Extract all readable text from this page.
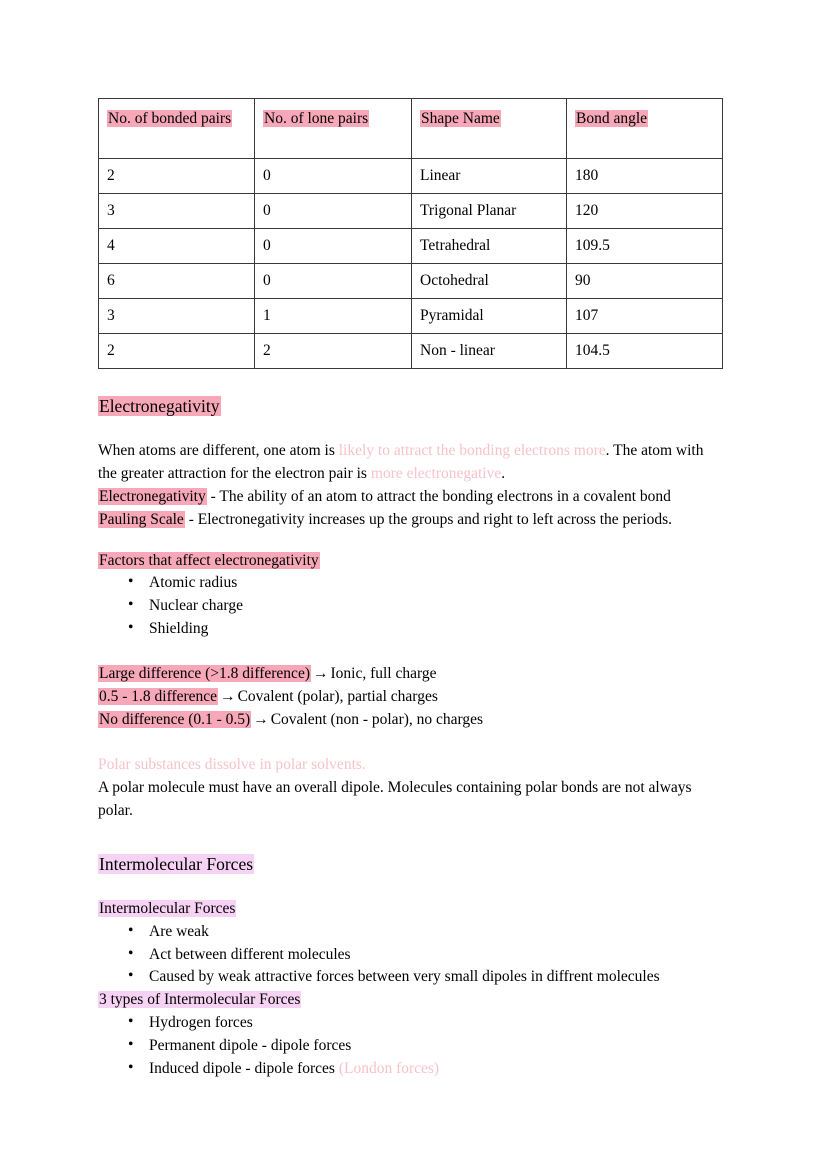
No. of bonded pairs	No. of lone pairs	Shape Name	Bond angle
2	0	Linear	180
3	0	Trigonal Planar	120
4	0	Tetrahedral	109.5
6	0	Octohedral	90
3	1	Pyramidal	107
2	2	Non - linear	104.5

Electronegativity

When atoms are different, one atom is likely to attract the bonding electrons more. The atom with the greater attraction for the electron pair is more electronegative.

Electronegativity - The ability of an atom to attract the bonding electrons in a covalent bond

Pauling Scale - Electronegativity increases up the groups and right to left across the periods.

Factors that affect electronegativity

• Atomic radius
• Nuclear charge
• Shielding

Large difference (>1.8 difference) → Ionic, full charge

0.5 - 1.8 difference → Covalent (polar), partial charges

No difference (0.1 - 0.5) → Covalent (non - polar), no charges

Polar substances dissolve in polar solvents.

A polar molecule must have an overall dipole. Molecules containing polar bonds are not always polar.

Intermolecular Forces

Intermolecular Forces

• Are weak
• Act between different molecules
• Caused by weak attractive forces between very small dipoles in diffrent molecules

3 types of Intermolecular Forces

• Hydrogen forces
• Permanent dipole - dipole forces
• Induced dipole - dipole forces (London forces)
